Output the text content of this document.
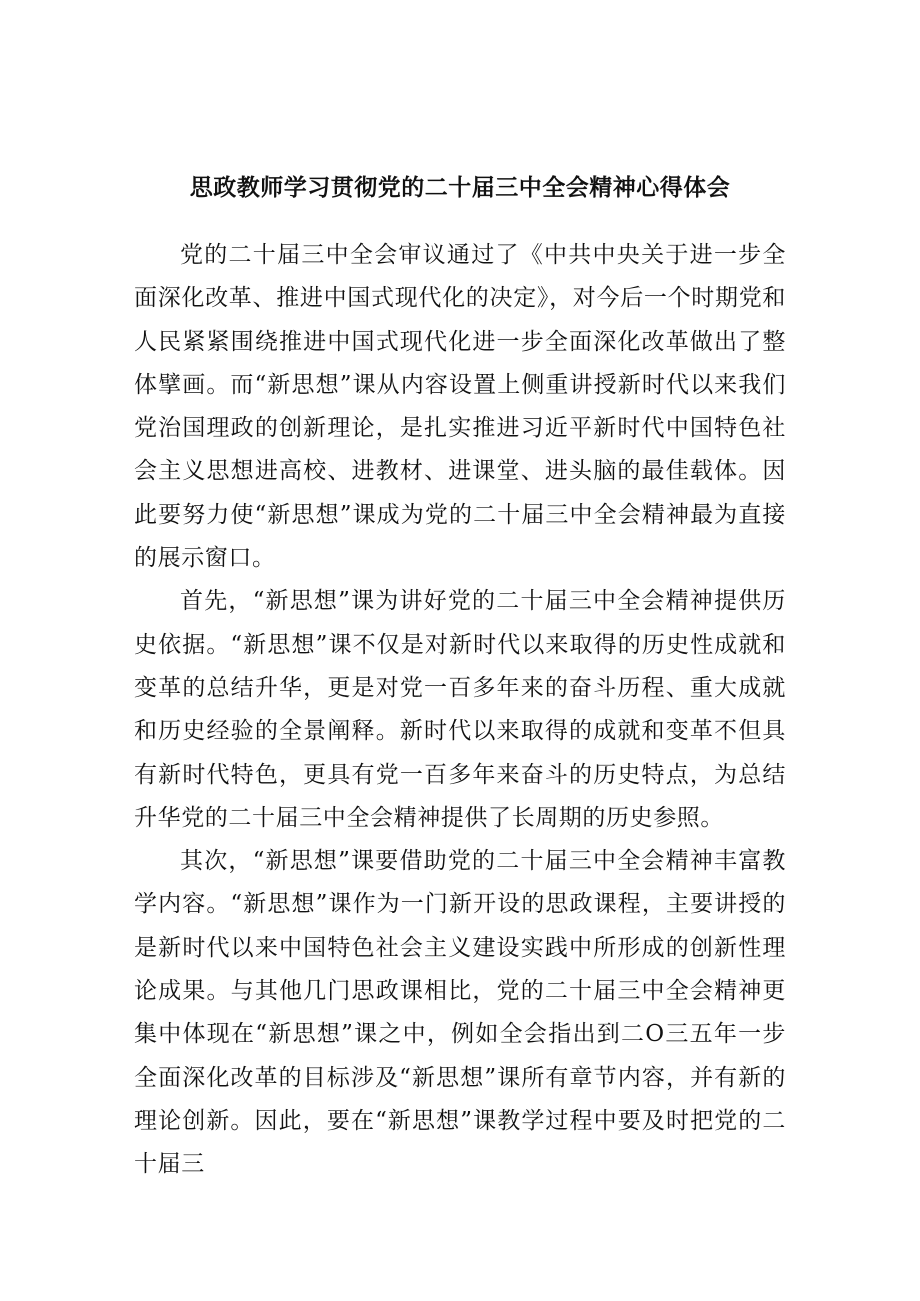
思政教师学习贯彻党的二十届三中全会精神心得体会

党的二十届三中全会审议通过了《中共中央关于进一步全面深化改革、推进中国式现代化的决定》，对今后一个时期党和人民紧紧围绕推进中国式现代化进一步全面深化改革做出了整体擘画。而“新思想”课从内容设置上侧重讲授新时代以来我们党治国理政的创新理论，是扎实推进习近平新时代中国特色社会主义思想进高校、进教材、进课堂、进头脑的最佳载体。因此要努力使“新思想”课成为党的二十届三中全会精神最为直接的展示窗口。

首先，“新思想”课为讲好党的二十届三中全会精神提供历史依据。“新思想”课不仅是对新时代以来取得的历史性成就和变革的总结升华，更是对党一百多年来的奋斗历程、重大成就和历史经验的全景阐释。新时代以来取得的成就和变革不但具有新时代特色，更具有党一百多年来奋斗的历史特点，为总结升华党的二十届三中全会精神提供了长周期的历史参照。

其次，“新思想”课要借助党的二十届三中全会精神丰富教学内容。“新思想”课作为一门新开设的思政课程，主要讲授的是新时代以来中国特色社会主义建设实践中所形成的创新性理论成果。与其他几门思政课相比，党的二十届三中全会精神更集中体现在“新思想”课之中，例如全会指出到二O三五年一步全面深化改革的目标涉及“新思想”课所有章节内容，并有新的理论创新。因此，要在“新思想”课教学过程中要及时把党的二十届三
